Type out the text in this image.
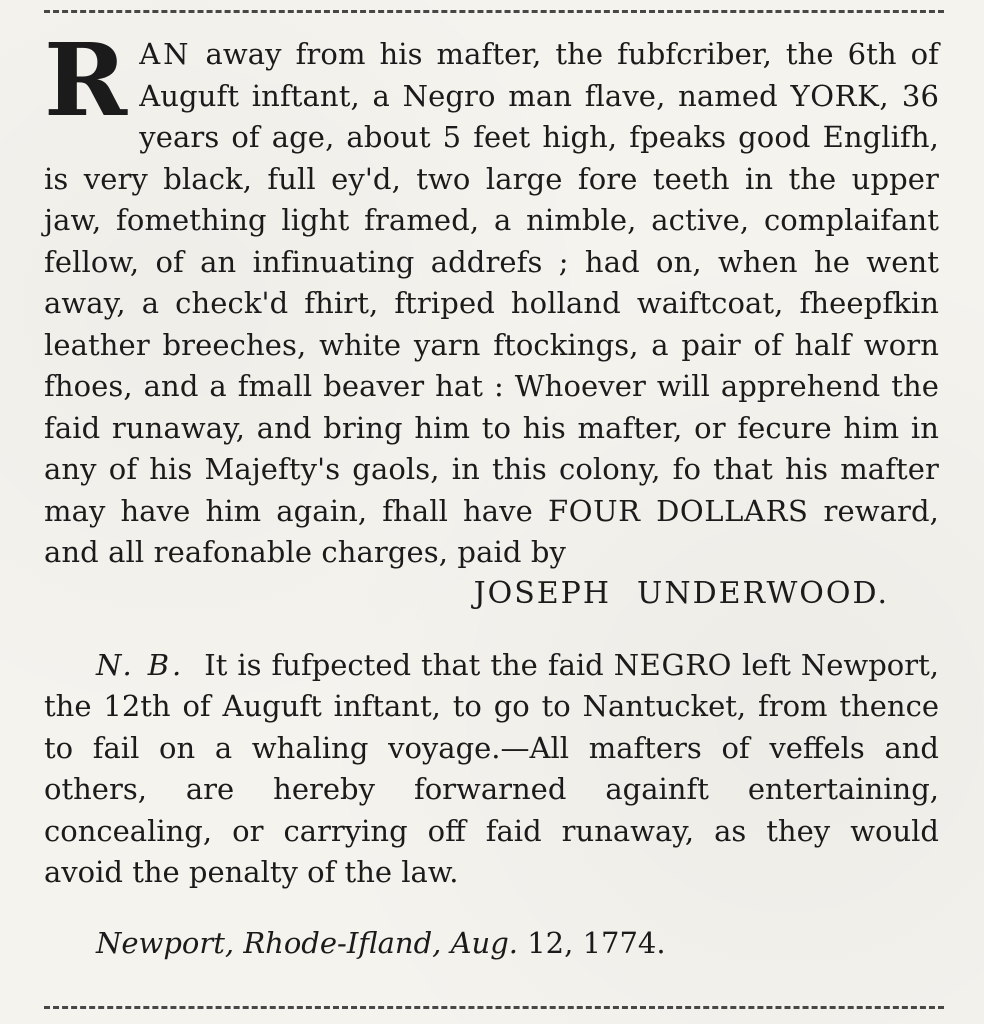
RAN away from his mafter, the fubfcriber, the 6th of Auguft inftant, a Negro man flave, named YORK, 36 years of age, about 5 feet high, fpeaks good Englifh, is very black, full ey'd, two large fore teeth in the upper jaw, fomething light framed, a nimble, active, complaifant fellow, of an infinuating addrefs ; had on, when he went away, a check'd fhirt, ftriped holland waiftcoat, fheepfkin leather breeches, white yarn ftockings, a pair of half worn fhoes, and a fmall beaver hat : Whoever will apprehend the faid runaway, and bring him to his mafter, or fecure him in any of his Majefty's gaols, in this colony, fo that his mafter may have him again, fhall have FOUR DOLLARS reward, and all reafonable charges, paid by

JOSEPH UNDERWOOD.

N. B. It is fufpected that the faid NEGRO left Newport, the 12th of Auguft inftant, to go to Nantucket, from thence to fail on a whaling voyage.—All mafters of veffels and others, are hereby forwarned againft entertaining, concealing, or carrying off faid runaway, as they would avoid the penalty of the law.

Newport, Rhode-Ifland, Aug. 12, 1774.
